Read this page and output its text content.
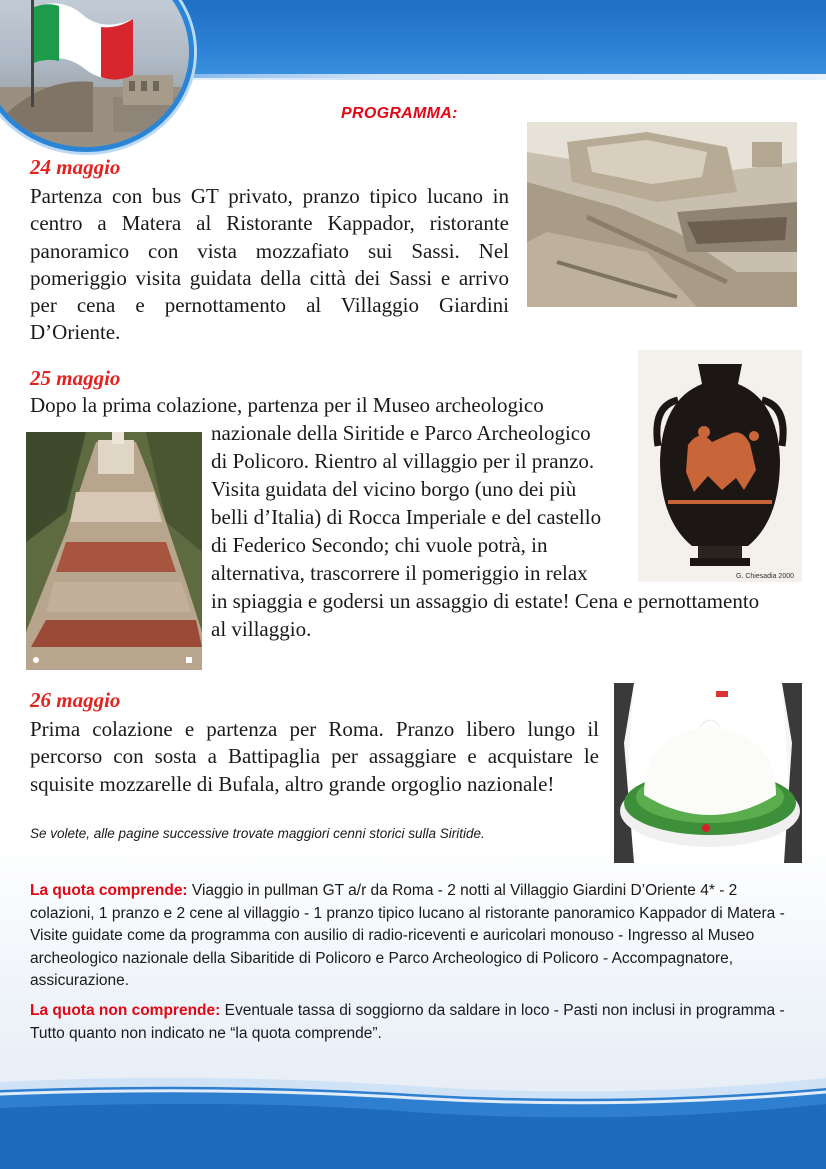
PROGRAMMA:
24 maggio

Partenza con bus GT privato, pranzo tipico lucano in centro a Matera al Ristorante Kappador, ristorante panoramico con vista mozzafiato sui Sassi. Nel pomeriggio visita guidata della città dei Sassi e arrivo per cena e pernottamento al Villaggio Giardini D’Oriente.

25 maggio
G. Chiesadia 2000

Dopo la prima colazione, partenza per il Museo archeologico

nazionale della Siritide e Parco Archeologico

di Policoro. Rientro al villaggio per il pranzo.

Visita guidata del vicino borgo (uno dei più

belli d’Italia) di Rocca Imperiale e del castello

di Federico Secondo; chi vuole potrà, in

alternativa, trascorrere il pomeriggio in relax

in spiaggia e godersi un assaggio di estate! Cena e pernottamento

al villaggio.

26 maggio

Prima colazione e partenza per Roma. Pranzo libero lungo il percorso con sosta a Battipaglia per assaggiare e acquistare le squisite mozzarelle di Bufala, altro grande orgoglio nazionale!

Se volete, alle pagine successive trovate maggiori cenni storici sulla Siritide.

La quota comprende: Viaggio in pullman GT a/r da Roma - 2 notti al Villaggio Giardini D’Oriente 4* - 2 colazioni, 1 pranzo e 2 cene al villaggio - 1 pranzo tipico lucano al ristorante panoramico Kappador di Matera - Visite guidate come da programma con ausilio di radio-riceventi e auricolari monouso - Ingresso al Museo archeologico nazionale della Sibaritide di Policoro e Parco Archeologico di Policoro - Accompagnatore, assicurazione.

La quota non comprende: Eventuale tassa di soggiorno da saldare in loco - Pasti non inclusi in programma - Tutto quanto non indicato ne “la quota comprende”.
